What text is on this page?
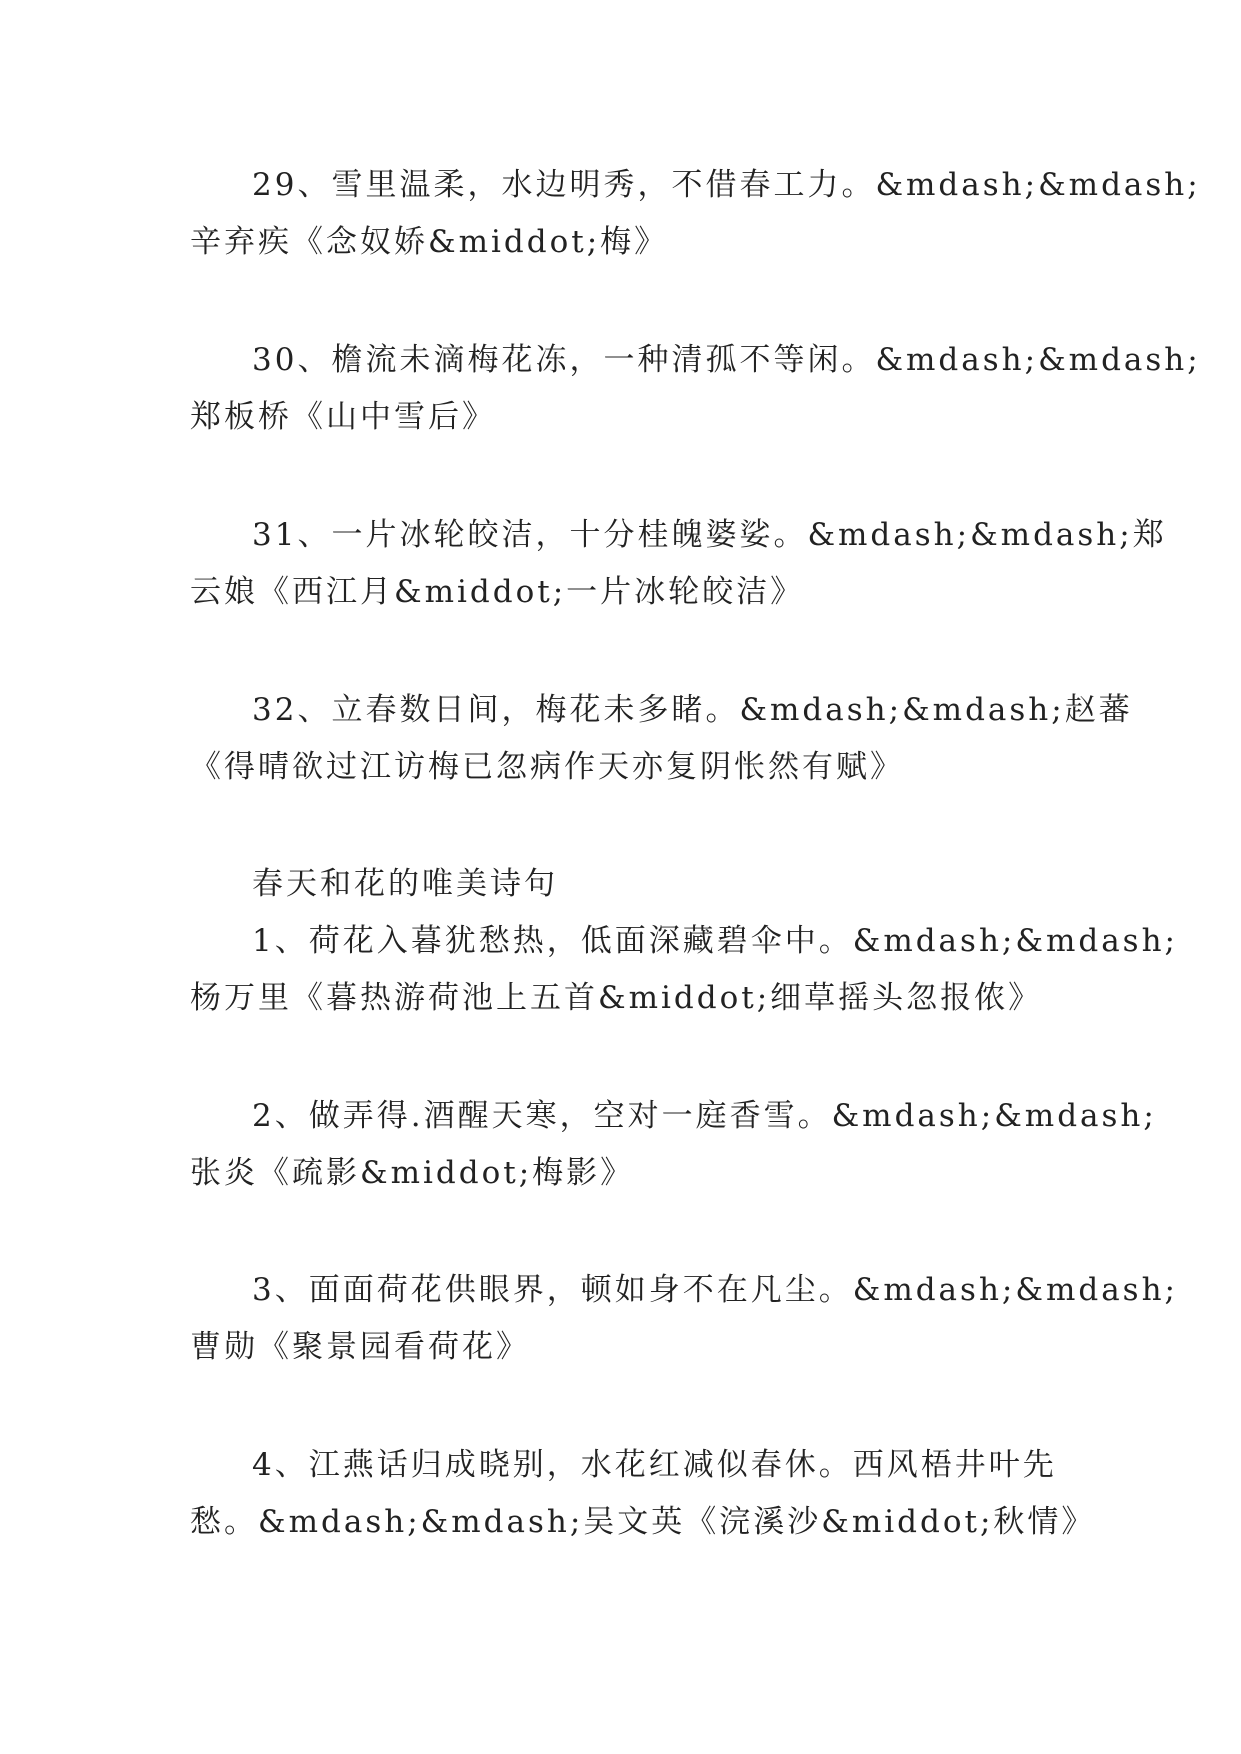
29、雪里温柔，水边明秀，不借春工力。&mdash;&mdash;
辛弃疾《念奴娇&middot;梅》
30、檐流未滴梅花冻，一种清孤不等闲。&mdash;&mdash;
郑板桥《山中雪后》
31、一片冰轮皎洁，十分桂魄婆娑。&mdash;&mdash;郑
云娘《西江月&middot;一片冰轮皎洁》
32、立春数日间，梅花未多睹。&mdash;&mdash;赵蕃
《得晴欲过江访梅已忽病作天亦复阴怅然有赋》
春天和花的唯美诗句
1、荷花入暮犹愁热，低面深藏碧伞中。&mdash;&mdash;
杨万里《暮热游荷池上五首&middot;细草摇头忽报侬》
2、做弄得.酒醒天寒，空对一庭香雪。&mdash;&mdash;
张炎《疏影&middot;梅影》
3、面面荷花供眼界，顿如身不在凡尘。&mdash;&mdash;
曹勋《聚景园看荷花》
4、江燕话归成晓别，水花红减似春休。西风梧井叶先
愁。&mdash;&mdash;吴文英《浣溪沙&middot;秋情》
